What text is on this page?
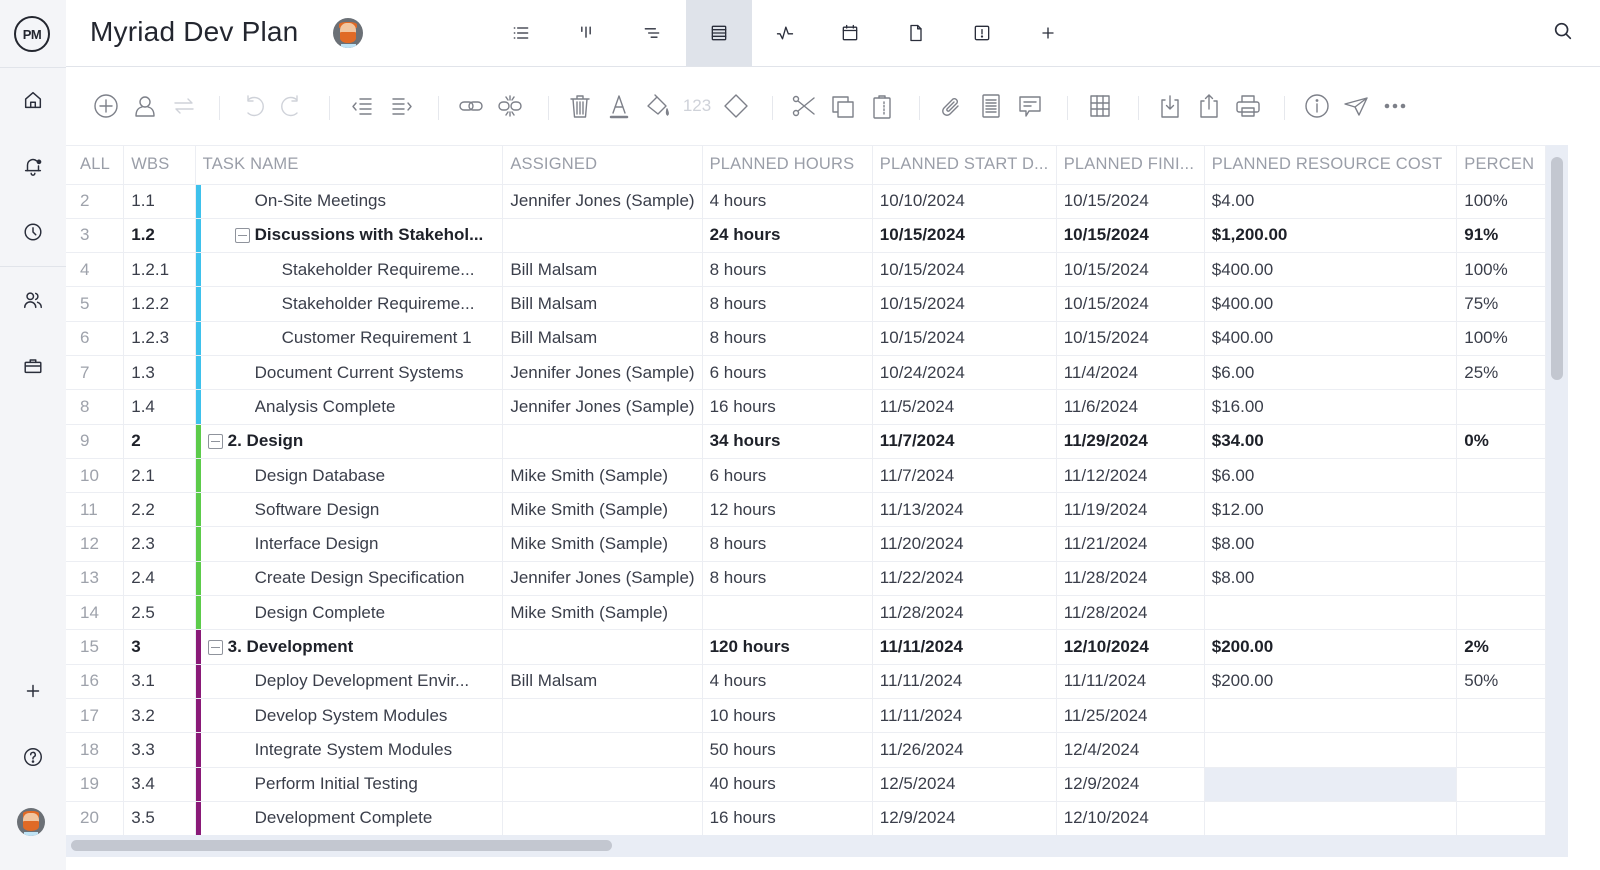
PM	Myriad Dev Plan
123
ALL	WBS	TASK NAME	ASSIGNED	PLANNED HOURS	PLANNED START D...	PLANNED FINI...	PLANNED RESOURCE COST	PERCEN
2	1.1	On-Site Meetings	Jennifer Jones (Sample)	4 hours	10/10/2024	10/15/2024	$4.00	100%
3	1.2	Discussions with Stakehol...		24 hours	10/15/2024	10/15/2024	$1,200.00	91%
4	1.2.1	Stakeholder Requireme...	Bill Malsam	8 hours	10/15/2024	10/15/2024	$400.00	100%
5	1.2.2	Stakeholder Requireme...	Bill Malsam	8 hours	10/15/2024	10/15/2024	$400.00	75%
6	1.2.3	Customer Requirement 1	Bill Malsam	8 hours	10/15/2024	10/15/2024	$400.00	100%
7	1.3	Document Current Systems	Jennifer Jones (Sample)	6 hours	10/24/2024	11/4/2024	$6.00	25%
8	1.4	Analysis Complete	Jennifer Jones (Sample)	16 hours	11/5/2024	11/6/2024	$16.00	
9	2	2. Design		34 hours	11/7/2024	11/29/2024	$34.00	0%
10	2.1	Design Database	Mike Smith (Sample)	6 hours	11/7/2024	11/12/2024	$6.00	
11	2.2	Software Design	Mike Smith (Sample)	12 hours	11/13/2024	11/19/2024	$12.00	
12	2.3	Interface Design	Mike Smith (Sample)	8 hours	11/20/2024	11/21/2024	$8.00	
13	2.4	Create Design Specification	Jennifer Jones (Sample)	8 hours	11/22/2024	11/28/2024	$8.00	
14	2.5	Design Complete	Mike Smith (Sample)		11/28/2024	11/28/2024		
15	3	3. Development		120 hours	11/11/2024	12/10/2024	$200.00	2%
16	3.1	Deploy Development Envir...	Bill Malsam	4 hours	11/11/2024	11/11/2024	$200.00	50%
17	3.2	Develop System Modules		10 hours	11/11/2024	11/25/2024		
18	3.3	Integrate System Modules		50 hours	11/26/2024	12/4/2024		
19	3.4	Perform Initial Testing		40 hours	12/5/2024	12/9/2024		
20	3.5	Development Complete		16 hours	12/9/2024	12/10/2024		
